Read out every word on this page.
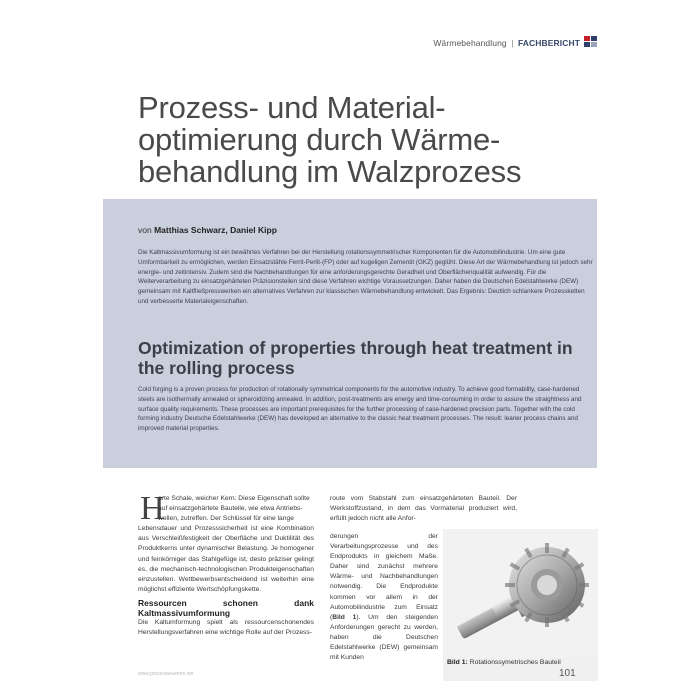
Wärmebehandlung | FACHBERICHT
Prozess- und Material-
optimierung durch Wärme-
behandlung im Walzprozess
von Matthias Schwarz, Daniel Kipp

Die Kaltmassivumformung ist ein bewährtes Verfahren bei der Herstellung rotationssymmetrischer Komponenten für die Automobilindustrie. Um eine gute Umformbarkeit zu ermöglichen, werden Einsatzstähle Ferrit-Perlit-(FP) oder auf kugeligen Zementit (GKZ) geglüht. Diese Art der Wärmebehandlung ist jedoch sehr energie- und zeitintensiv. Zudem sind die Nachbehandlungen für eine anforderungsgerechte Geradheit und Oberflächenqualität aufwendig. Für die Weiterverarbeitung zu einsatzgehärteten Präzisionsteilen sind diese Verfahren wichtige Voraussetzungen. Daher haben die Deutschen Edelstahlwerke (DEW) gemeinsam mit Kaltfließpresswerken ein alternatives Verfahren zur klassischen Wärmebehandlung entwickelt. Das Ergebnis: Deutlich schlankere Prozessketten und verbesserte Materialeigenschaften.

Optimization of properties through heat treatment in
the rolling process

Cold forging is a proven process for production of rotationally symmetrical components for the automotive industry. To achieve good formability, case-hardened steels are isothermally annealed or spheroidizing annealed. In addition, post-treatments are energy and time-consuming in order to assure the straightness and surface quality requirements. These processes are important prerequisites for the further processing of case-hardened precision parts. Together with the cold forming industry Deutsche Edelstahlwerke (DEW) has developed an alternative to the classic heat treatment processes. The result: leaner process chains and improved material properties.

H
arte Schale, weicher Kern: Diese Eigenschaft sollte
auf einsatzgehärtete Bauteile, wie etwa Antriebs-
wellen, zutreffen. Der Schlüssel für eine lange
Lebensdauer und Prozesssicherheit ist eine Kombination aus Verschleißfestigkeit der Oberfläche und Duktilität des Produktkerns unter dynamischer Belastung. Je homogener und feinkörniger das Stahlgefüge ist, desto präziser gelingt es, die mechanisch-technologischen Produkteigenschaften einzustellen. Wettbewerbsentscheidend ist weiterhin eine möglichst effiziente Wertschöpfungskette.
Ressourcen schonen dank Kaltmassivumformung
Die Kaltumformung spielt als ressourcenschonendes Herstellungsverfahren eine wichtige Rolle auf der Prozess-
route vom Stabstahl zum einsatzgehärteten Bauteil. Der Werkstoffzustand, in dem das Vormaterial produziert wird, erfüllt jedoch nicht alle Anfor-
derungen der Verarbeitungsprozesse und des Endprodukts in gleichem Maße. Daher sind zunächst mehrere Wärme- und Nachbehandlungen notwendig. Die Endprodukte kommen vor allem in der Automobilindustrie zum Einsatz (Bild 1). Um den steigenden Anforderungen gerecht zu werden, haben die Deutschen Edelstahlwerke (DEW) gemeinsam mit Kunden
Bild 1: Rotationssymetrisches Bauteil
www.prozesswaerme.net	101
